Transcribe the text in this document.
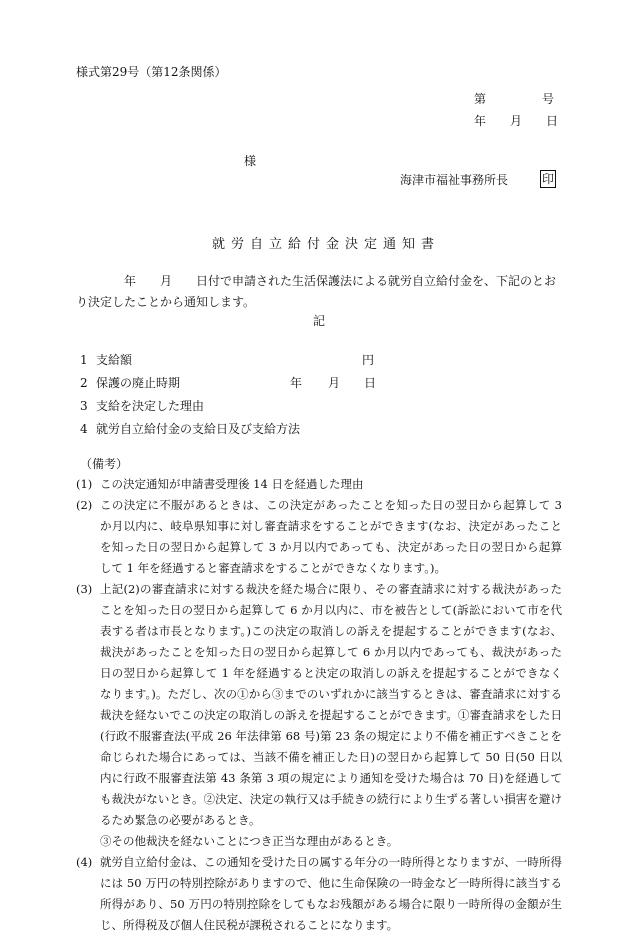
様式第29号（第12条関係）
第	号
年 月 日
様
海津市福祉事務所長	印
就労自立給付金決定通知書
年 月 日付で申請された生活保護法による就労自立給付金を、下記のとお
り決定したことから通知します。
記
1 支給額	円
2 保護の廃止時期	年 月 日
3 支給を決定した理由
4 就労自立給付金の支給日及び支給方法
（備考）
(1) この決定通知が申請書受理後 14 日を経過した理由
(2) この決定に不服があるときは、この決定があったことを知った日の翌日から起算して 3 か月以内に、岐阜県知事に対し審査請求をすることができます(なお、決定があったことを知った日の翌日から起算して 3 か月以内であっても、決定があった日の翌日から起算して 1 年を経過すると審査請求をすることができなくなります。)。
(3) 上記(2)の審査請求に対する裁決を経た場合に限り、その審査請求に対する裁決があったことを知った日の翌日から起算して 6 か月以内に、市を被告として(訴訟において市を代表する者は市長となります。)この決定の取消しの訴えを提起することができます(なお、裁決があったことを知った日の翌日から起算して 6 か月以内であっても、裁決があった日の翌日から起算して 1 年を経過すると決定の取消しの訴えを提起することができなくなります。)。ただし、次の①から③までのいずれかに該当するときは、審査請求に対する裁決を経ないでこの決定の取消しの訴えを提起することができます。①審査請求をした日(行政不服審査法(平成 26 年法律第 68 号)第 23 条の規定により不備を補正すべきことを命じられた場合にあっては、当該不備を補正した日)の翌日から起算して 50 日(50 日以内に行政不服審査法第 43 条第 3 項の規定により通知を受けた場合は 70 日)を経過しても裁決がないとき。②決定、決定の執行又は手続きの続行により生ずる著しい損害を避けるため緊急の必要があるとき。
③その他裁決を経ないことにつき正当な理由があるとき。
(4) 就労自立給付金は、この通知を受けた日の属する年分の一時所得となりますが、一時所得には 50 万円の特別控除がありますので、他に生命保険の一時金など一時所得に該当する所得があり、50 万円の特別控除をしてもなお残額がある場合に限り一時所得の金額が生じ、所得税及び個人住民税が課税されることになります。
